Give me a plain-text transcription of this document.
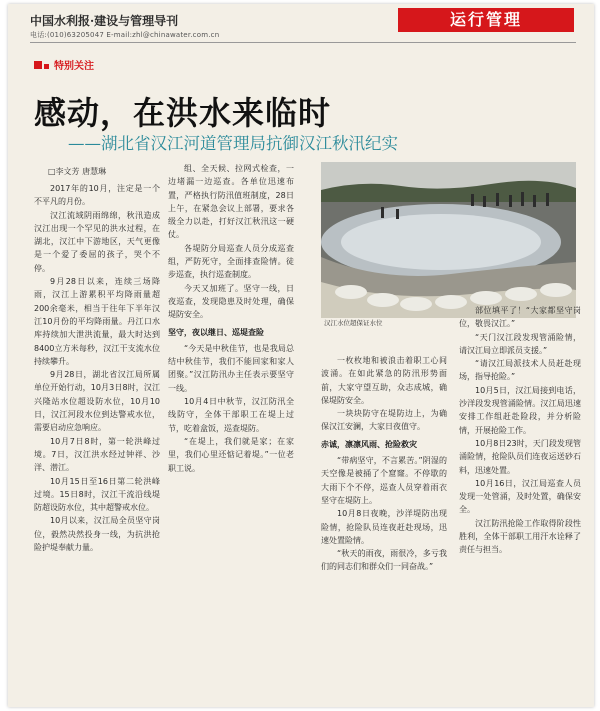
中国水利报·建设与管理导刊
电话:(010)63205047 E-mail:zhl@chinawater.com.cn
运行管理
特别关注
感动，在洪水来临时
——湖北省汉江河道管理局抗御汉江秋汛纪实
□李文芳 唐慧琳

2017年的10月，注定是一个不平凡的月份。

汉江流域阴雨绵绵，秋汛造成汉江出现一个罕见的洪水过程，在湖北，汉江中下游地区，天气更像是一个爱了委屈的孩子，哭个不停。

9月28日以来，连续三场降雨，汉江上游累积平均降雨量超200余毫米，相当于往年下半年汉江10月份的平均降雨量。丹江口水库持续加大泄洪流量，最大时达到8400立方米每秒，汉江干支流水位持续攀升。

9月28日，湖北省汉江局所属单位开始行动，10月3日8时，汉江兴隆站水位超设防水位，10月10日，汉江河段水位到达警戒水位，需要启动应急响应。

10月7日8时，第一轮洪峰过境。7日，汉江洪水经过钟祥、沙洋、潜江。

10月15日至16日第二轮洪峰过境。15日8时，汉江干流沿线堤防超设防水位，其中超警戒水位。

10月以来，汉江局全员坚守岗位，毅然决然投身一线，为抗洪抢险护堤奉献力量。

组、全天候、拉网式检查，一边堵漏一边巡查。各单位迅速布置，严格执行防汛值班制度，28日上午，在紧急会议上部署，要求各级全力以赴，打好汉江秋汛这一硬仗。

各堤防分局巡查人员分成巡查组，严防死守，全面排查险情。徒步巡查，执行巡查制度。

今天又加班了。坚守一线，日夜巡查，发现隐患及时处理，确保堤防安全。

坚守，夜以继日、巡堤查险

“今天是中秋佳节，也是我局总结中秋佳节，我们不能回家和家人团聚。”汉江防汛办主任表示要坚守一线。

10月4日中秋节，汉江防汛全线防守，全体干部职工在堤上过节，吃着盒饭，巡查堤防。

“在堤上，我们就是家；在家里，我们心里还惦记着堤。”一位老职工说。

汉江水位超保证水位

一枚枚地和被浪击着职工心间波涌。在如此紧急的防汛形势面前，大家守望互助，众志成城，确保堤防安全。

一块块防守在堤防边上，为确保汉江安澜，大家日夜值守。

赤诚，凛凛风雨、抢险救灾

“带病坚守，不言累苦。”阴湿的天空像是被捅了个窟窿。不停歇的大雨下个不停，巡查人员穿着雨衣坚守在堤防上。

10月8日夜晚，沙洋堤防出现险情，抢险队员连夜赶赴现场，迅速处置险情。

“秋天的雨夜，雨很冷，多亏我们的同志们和群众们一同奋战。”

部位填平了！“大家都坚守岗位，敬畏汉江。”

“天门汉江段发现管涌险情，请汉江局立即派员支援。”

“请汉江局派技术人员赶赴现场，指导抢险。”

10月5日，汉江局接到电话，沙洋段发现管涌险情。汉江局迅速安排工作组赶赴险段，并分析险情，开展抢险工作。

10月8日23时，天门段发现管涌险情，抢险队员们连夜运送砂石料，迅速处置。

10月16日，汉江局巡查人员发现一处管涌，及时处置，确保安全。

汉江防汛抢险工作取得阶段性胜利，全体干部职工用汗水诠释了责任与担当。
